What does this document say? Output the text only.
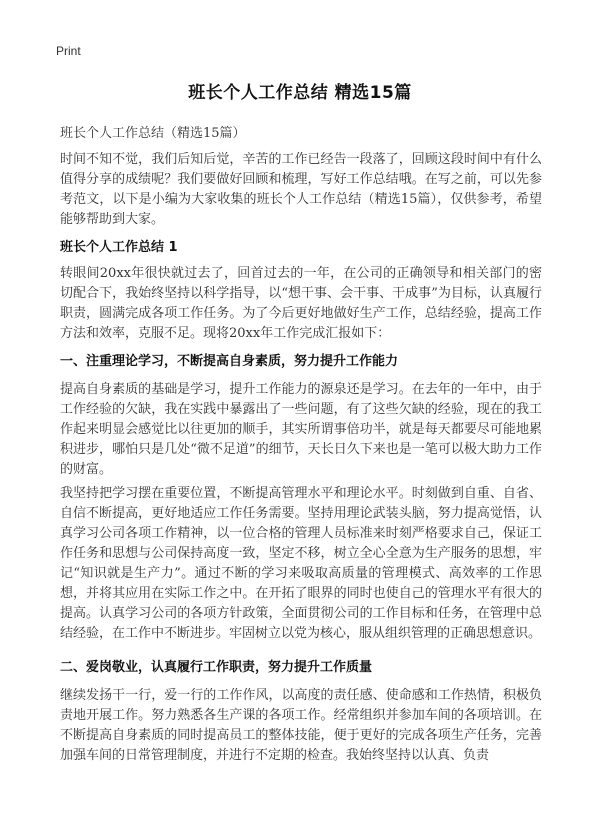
Print
班长个人工作总结 精选15篇
班长个人工作总结（精选15篇）
时间不知不觉，我们后知后觉，辛苦的工作已经告一段落了，回顾这段时间中有什么值得分享的成绩呢？我们要做好回顾和梳理，写好工作总结哦。在写之前，可以先参考范文，以下是小编为大家收集的班长个人工作总结（精选15篇），仅供参考，希望能够帮助到大家。
班长个人工作总结 1
转眼间20xx年很快就过去了，回首过去的一年，在公司的正确领导和相关部门的密切配合下，我始终坚持以科学指导，以“想干事、会干事、干成事”为目标，认真履行职责，圆满完成各项工作任务。为了今后更好地做好生产工作，总结经验，提高工作方法和效率，克服不足。现将20xx年工作完成汇报如下：
一、注重理论学习，不断提高自身素质，努力提升工作能力
提高自身素质的基础是学习，提升工作能力的源泉还是学习。在去年的一年中，由于工作经验的欠缺，我在实践中暴露出了一些问题，有了这些欠缺的经验，现在的我工作起来明显会感觉比以往更加的顺手，其实所谓事倍功半，就是每天都要尽可能地累积进步，哪怕只是几处“微不足道”的细节，天长日久下来也是一笔可以极大助力工作的财富。
我坚持把学习摆在重要位置，不断提高管理水平和理论水平。时刻做到自重、自省、自信不断提高，更好地适应工作任务需要。坚持用理论武装头脑，努力提高觉悟，认真学习公司各项工作精神，以一位合格的管理人员标准来时刻严格要求自己，保证工作任务和思想与公司保持高度一致，坚定不移，树立全心全意为生产服务的思想，牢记“知识就是生产力”。通过不断的学习来吸取高质量的管理模式、高效率的工作思想，并将其应用在实际工作之中。在开拓了眼界的同时也使自己的管理水平有很大的提高。认真学习公司的各项方针政策，全面贯彻公司的工作目标和任务，在管理中总结经验，在工作中不断进步。牢固树立以党为核心，服从组织管理的正确思想意识。
二、爱岗敬业，认真履行工作职责，努力提升工作质量
继续发扬干一行，爱一行的工作作风，以高度的责任感、使命感和工作热情，积极负责地开展工作。努力熟悉各生产课的各项工作。经常组织并参加车间的各项培训。在不断提高自身素质的同时提高员工的整体技能，便于更好的完成各项生产任务，完善加强车间的日常管理制度，并进行不定期的检查。我始终坚持以认真、负责
